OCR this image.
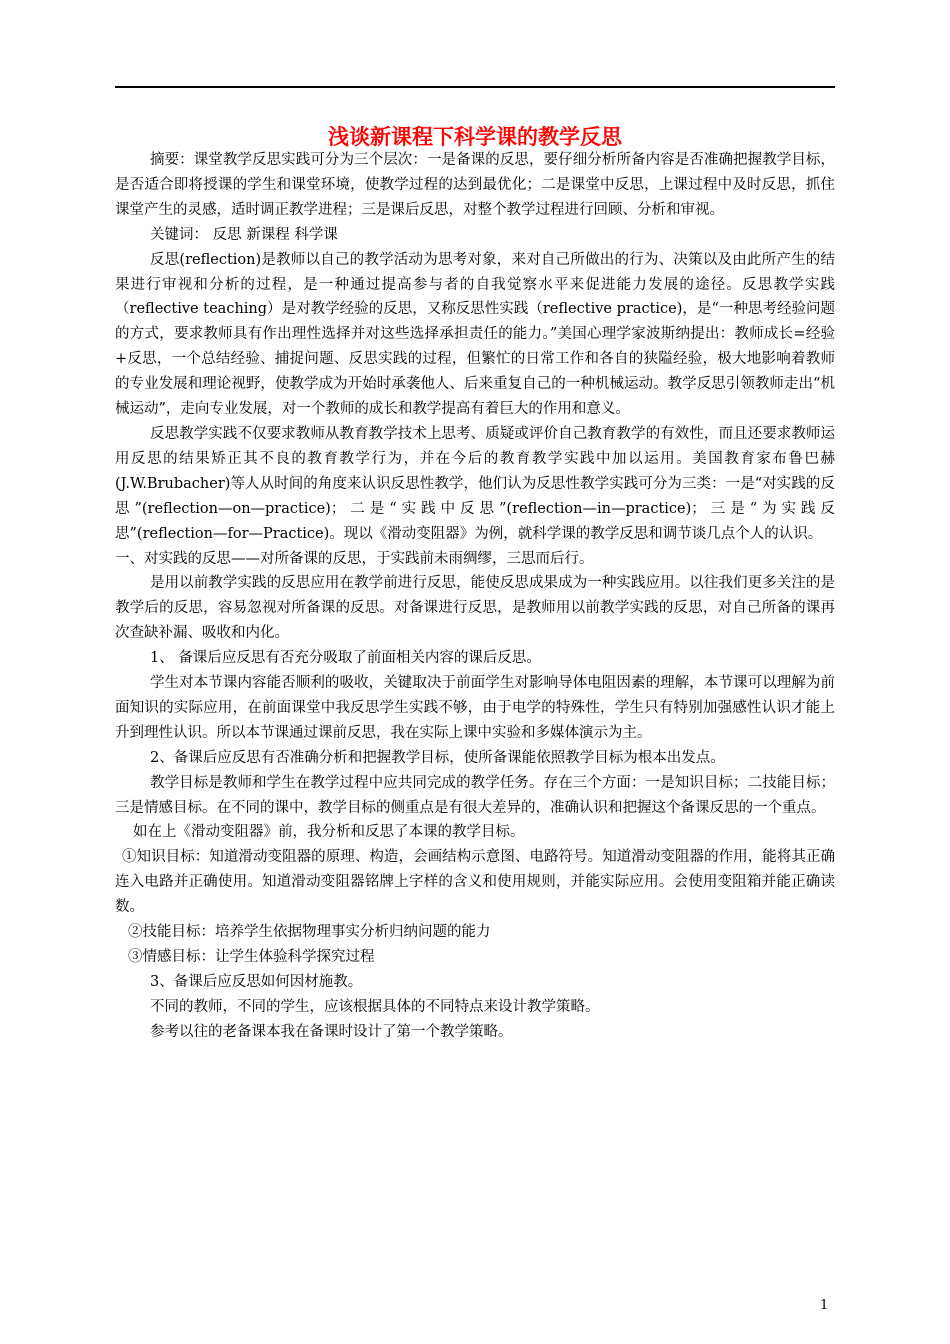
浅谈新课程下科学课的教学反思

摘要：课堂教学反思实践可分为三个层次：一是备课的反思，要仔细分析所备内容是否准确把握教学目标，是否适合即将授课的学生和课堂环境，使教学过程的达到最优化；二是课堂中反思，上课过程中及时反思，抓住课堂产生的灵感，适时调正教学进程；三是课后反思，对整个教学过程进行回顾、分析和审视。

关键词： 反思 新课程 科学课

反思(reflection)是教师以自己的教学活动为思考对象，来对自己所做出的行为、决策以及由此所产生的结果进行审视和分析的过程，是一种通过提高参与者的自我觉察水平来促进能力发展的途径。反思教学实践（reflective teaching）是对教学经验的反思，又称反思性实践（reflective practice)，是“一种思考经验问题的方式，要求教师具有作出理性选择并对这些选择承担责任的能力。”美国心理学家波斯纳提出：教师成长=经验+反思，一个总结经验、捕捉问题、反思实践的过程，但繁忙的日常工作和各自的狭隘经验，极大地影响着教师的专业发展和理论视野，使教学成为开始时承袭他人、后来重复自己的一种机械运动。教学反思引领教师走出“机械运动”，走向专业发展，对一个教师的成长和教学提高有着巨大的作用和意义。

反思教学实践不仅要求教师从教育教学技术上思考、质疑或评价自己教育教学的有效性，而且还要求教师运用反思的结果矫正其不良的教育教学行为，并在今后的教育教学实践中加以运用。美国教育家布鲁巴赫(J.W.Brubacher)等人从时间的角度来认识反思性教学，他们认为反思性教学实践可分为三类：一是“对实践的反思”(reflection—on—practice)；二是“实践中反思”(reflection—in—practice)；三是“为实践反思”(reflection—for—Practice)。现以《滑动变阻器》为例，就科学课的教学反思和调节谈几点个人的认识。

一、对实践的反思——对所备课的反思，于实践前未雨绸缪，三思而后行。

是用以前教学实践的反思应用在教学前进行反思，能使反思成果成为一种实践应用。以往我们更多关注的是教学后的反思，容易忽视对所备课的反思。对备课进行反思，是教师用以前教学实践的反思，对自己所备的课再次查缺补漏、吸收和内化。

1、 备课后应反思有否充分吸取了前面相关内容的课后反思。

学生对本节课内容能否顺利的吸收，关键取决于前面学生对影响导体电阻因素的理解，本节课可以理解为前面知识的实际应用，在前面课堂中我反思学生实践不够，由于电学的特殊性，学生只有特别加强感性认识才能上升到理性认识。所以本节课通过课前反思，我在实际上课中实验和多媒体演示为主。

2、备课后应反思有否准确分析和把握教学目标，使所备课能依照教学目标为根本出发点。

教学目标是教师和学生在教学过程中应共同完成的教学任务。存在三个方面：一是知识目标；二技能目标；三是情感目标。在不同的课中，教学目标的侧重点是有很大差异的，准确认识和把握这个备课反思的一个重点。

如在上《滑动变阻器》前，我分析和反思了本课的教学目标。

①知识目标：知道滑动变阻器的原理、构造，会画结构示意图、电路符号。知道滑动变阻器的作用，能将其正确连入电路并正确使用。知道滑动变阻器铭牌上字样的含义和使用规则，并能实际应用。会使用变阻箱并能正确读数。

②技能目标：培养学生依据物理事实分析归纳问题的能力

③情感目标：让学生体验科学探究过程

3、备课后应反思如何因材施教。

不同的教师，不同的学生，应该根据具体的不同特点来设计教学策略。

参考以往的老备课本我在备课时设计了第一个教学策略。

1
